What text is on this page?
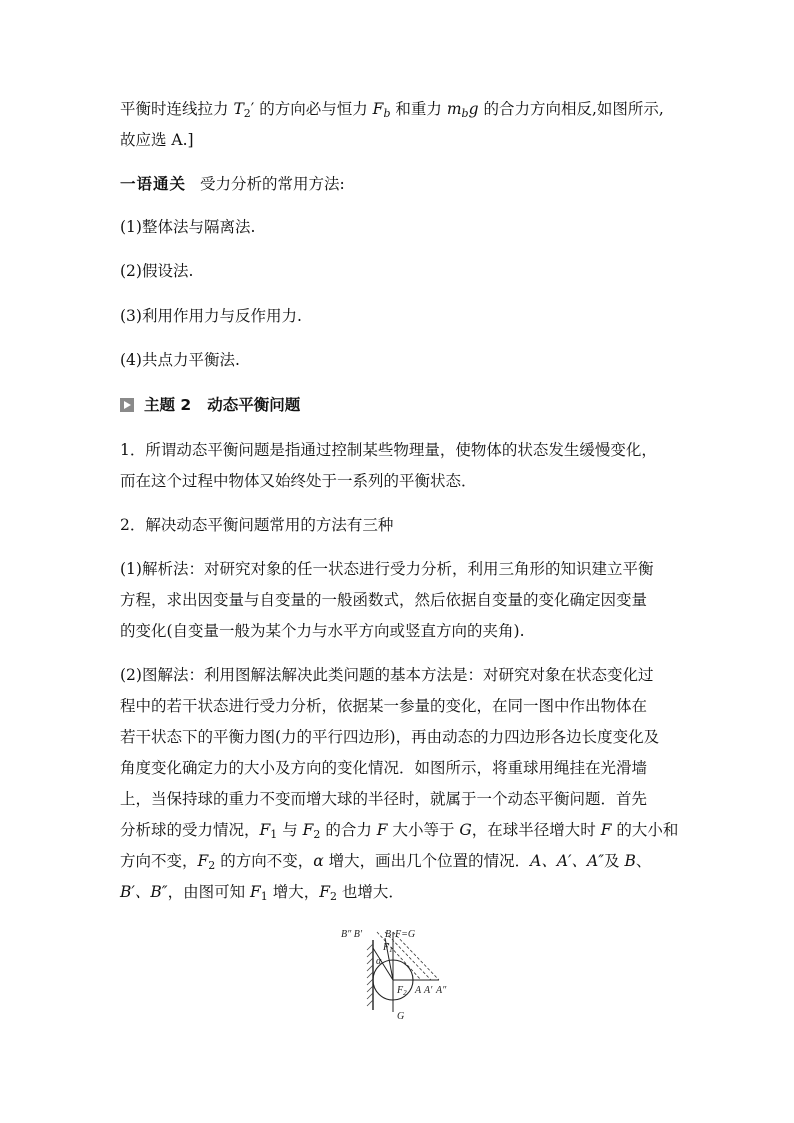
平衡时连线拉力 $T_2'$ 的方向必与恒力 $F_b$ 和重力 $m_bg$ 的合力方向相反,如图所示,
故应选 A.]
一语通关 受力分析的常用方法:
(1)整体法与隔离法.
(2)假设法.
(3)利用作用力与反作用力.
(4)共点力平衡法.
主题 2 动态平衡问题
1．所谓动态平衡问题是指通过控制某些物理量，使物体的状态发生缓慢变化，
而在这个过程中物体又始终处于一系列的平衡状态．
2．解决动态平衡问题常用的方法有三种
(1)解析法：对研究对象的任一状态进行受力分析，利用三角形的知识建立平衡
方程，求出因变量与自变量的一般函数式，然后依据自变量的变化确定因变量
的变化(自变量一般为某个力与水平方向或竖直方向的夹角).
(2)图解法：利用图解法解决此类问题的基本方法是：对研究对象在状态变化过
程中的若干状态进行受力分析，依据某一参量的变化，在同一图中作出物体在
若干状态下的平衡力图(力的平行四边形)，再由动态的力四边形各边长度变化及
角度变化确定力的大小及方向的变化情况．如图所示，将重球用绳挂在光滑墙
上，当保持球的重力不变而增大球的半径时，就属于一个动态平衡问题．首先
分析球的受力情况，$F_1$ 与 $F_2$ 的合力 F 大小等于 G，在球半径增大时 F 的大小和
方向不变，$F_2$ 的方向不变，α 增大，画出几个位置的情况．A、A′、A″及 B、
B′、B″，由图可知 $F_1$ 增大，$F_2$ 也增大．
B″ B′ B F=G
$F_1$
α
$F_2$ A A′ A″
G
